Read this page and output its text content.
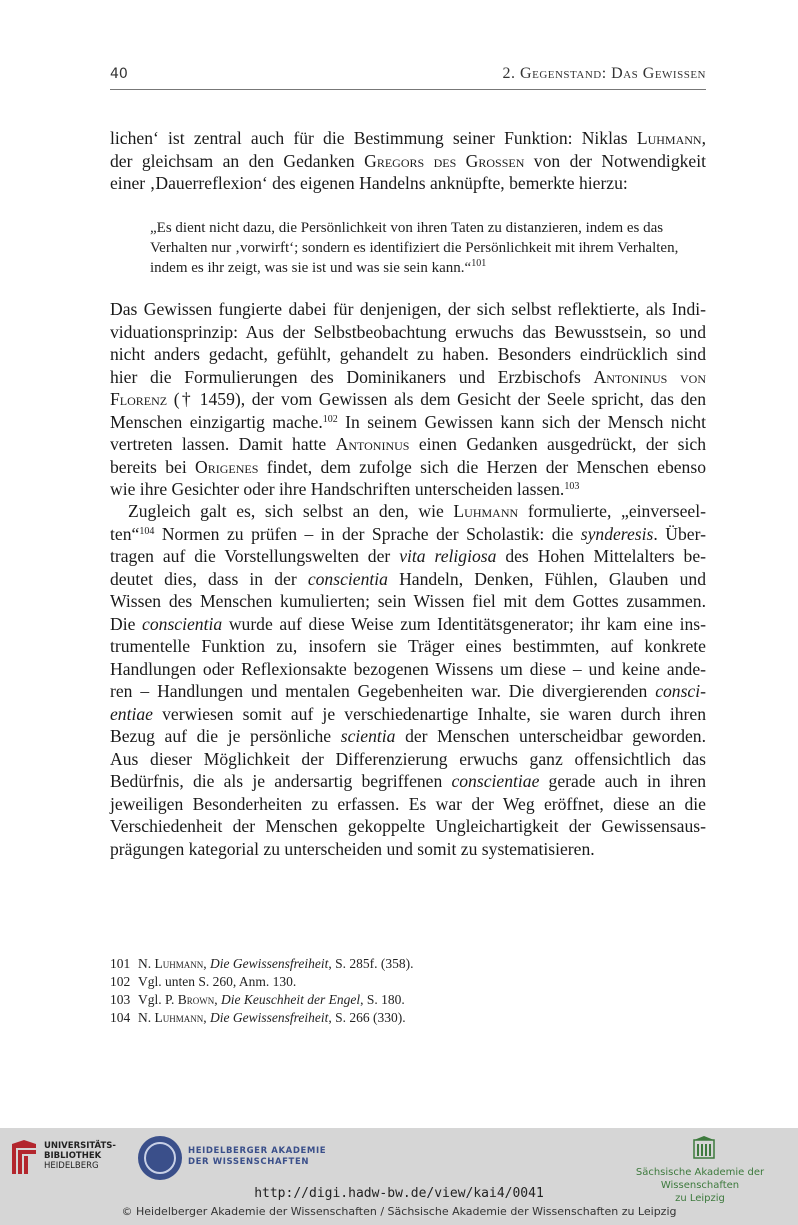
40	2. Gegenstand: Das Gewissen
lichen‘ ist zentral auch für die Bestimmung seiner Funktion: Niklas Luhmann,
der gleichsam an den Gedanken Gregors des Grossen von der Notwendigkeit
einer ‚Dauerreflexion‘ des eigenen Handelns anknüpfte, bemerkte hierzu:
„Es dient nicht dazu, die Persönlichkeit von ihren Taten zu distanzieren, indem es das Verhalten nur ‚vorwirft‘; sondern es identifiziert die Persönlichkeit mit ihrem Verhalten, indem es ihr zeigt, was sie ist und was sie sein kann.“$^{101}$
Das Gewissen fungierte dabei für denjenigen, der sich selbst reflektierte, als Indi-
viduationsprinzip: Aus der Selbstbeobachtung erwuchs das Bewusstsein, so und
nicht anders gedacht, gefühlt, gehandelt zu haben. Besonders eindrücklich sind
hier die Formulierungen des Dominikaners und Erzbischofs Antoninus von
Florenz († 1459), der vom Gewissen als dem Gesicht der Seele spricht, das den
Menschen einzigartig mache.$^{102}$ In seinem Gewissen kann sich der Mensch nicht
vertreten lassen. Damit hatte Antoninus einen Gedanken ausgedrückt, der sich
bereits bei Origenes findet, dem zufolge sich die Herzen der Menschen ebenso
wie ihre Gesichter oder ihre Handschriften unterscheiden lassen.$^{103}$
Zugleich galt es, sich selbst an den, wie Luhmann formulierte, „einverseel-
ten“$^{104}$ Normen zu prüfen – in der Sprache der Scholastik: die synderesis. Über-
tragen auf die Vorstellungswelten der vita religiosa des Hohen Mittelalters be-
deutet dies, dass in der conscientia Handeln, Denken, Fühlen, Glauben und
Wissen des Menschen kumulierten; sein Wissen fiel mit dem Gottes zusammen.
Die conscientia wurde auf diese Weise zum Identitätsgenerator; ihr kam eine ins-
trumentelle Funktion zu, insofern sie Träger eines bestimmten, auf konkrete
Handlungen oder Reflexionsakte bezogenen Wissens um diese – und keine ande-
ren – Handlungen und mentalen Gegebenheiten war. Die divergierenden consci-
entiae verwiesen somit auf je verschiedenartige Inhalte, sie waren durch ihren
Bezug auf die je persönliche scientia der Menschen unterscheidbar geworden.
Aus dieser Möglichkeit der Differenzierung erwuchs ganz offensichtlich das
Bedürfnis, die als je andersartig begriffenen conscientiae gerade auch in ihren
jeweiligen Besonderheiten zu erfassen. Es war der Weg eröffnet, diese an die
Verschiedenheit der Menschen gekoppelte Ungleichartigkeit der Gewissensaus-
prägungen kategorial zu unterscheiden und somit zu systematisieren.
101 N. Luhmann, Die Gewissensfreiheit, S. 285f. (358).
102 Vgl. unten S. 260, Anm. 130.
103 Vgl. P. Brown, Die Keuschheit der Engel, S. 180.
104 N. Luhmann, Die Gewissensfreiheit, S. 266 (330).
UNIVERSITÄTS-
BIBLIOTHEK
HEIDELBERG
HEIDELBERGER AKADEMIE
DER WISSENSCHAFTEN
Sächsische Akademie der Wissenschaften
zu Leipzig
http://digi.hadw-bw.de/view/kai4/0041
© Heidelberger Akademie der Wissenschaften / Sächsische Akademie der Wissenschaften zu Leipzig
